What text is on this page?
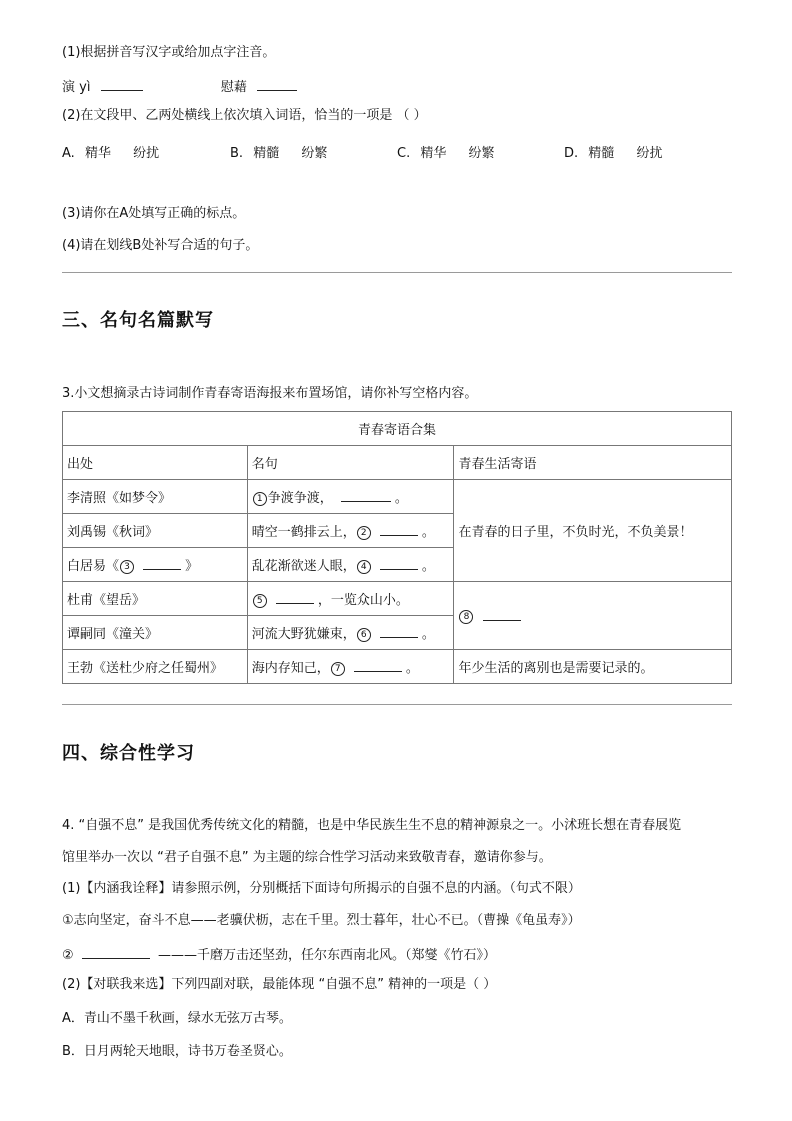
(1)根据拼音写汉字或给加点字注音。
演 yì	慰藉
(2)在文段甲、乙两处横线上依次填入词语，恰当的一项是 （ ）
A. 精华 纷扰	B. 精髓 纷繁	C. 精华 纷繁	D. 精髓 纷扰
(3)请你在A处填写正确的标点。
(4)请在划线B处补写合适的句子。
三、名句名篇默写
3.小文想摘录古诗词制作青春寄语海报来布置场馆，请你补写空格内容。
青春寄语合集		
出处	名句	青春生活寄语
李清照《如梦令》	1 争渡争渡， 。	在青春的日子里，不负时光，不负美景！
刘禹锡《秋词》	晴空一鹤排云上， 2 。	
白居易《 3 》	乱花渐欲迷人眼， 4 。	
杜甫《望岳》	5 ，一览众山小。	8
谭嗣同《潼关》	河流大野犹嫌束， 6 。	
王勃《送杜少府之任蜀州》	海内存知己， 7 。	年少生活的离别也是需要记录的。
四、综合性学习
4. “自强不息” 是我国优秀传统文化的精髓，也是中华民族生生不息的精神源泉之一。小沭班长想在青春展览
馆里举办一次以 “君子自强不息” 为主题的综合性学习活动来致敬青春，邀请你参与。
(1)【内涵我诠释】请参照示例，分别概括下面诗句所揭示的自强不息的内涵。（句式不限）
①志向坚定，奋斗不息——老骥伏枥，志在千里。烈士暮年，壮心不已。（曹操《龟虽寿》）
②	———千磨万击还坚劲，任尔东西南北风。（郑燮《竹石》）
(2)【对联我来选】下列四副对联，最能体现 “自强不息” 精神的一项是（ ）
A．青山不墨千秋画，绿水无弦万古琴。
B．日月两轮天地眼，诗书万卷圣贤心。
